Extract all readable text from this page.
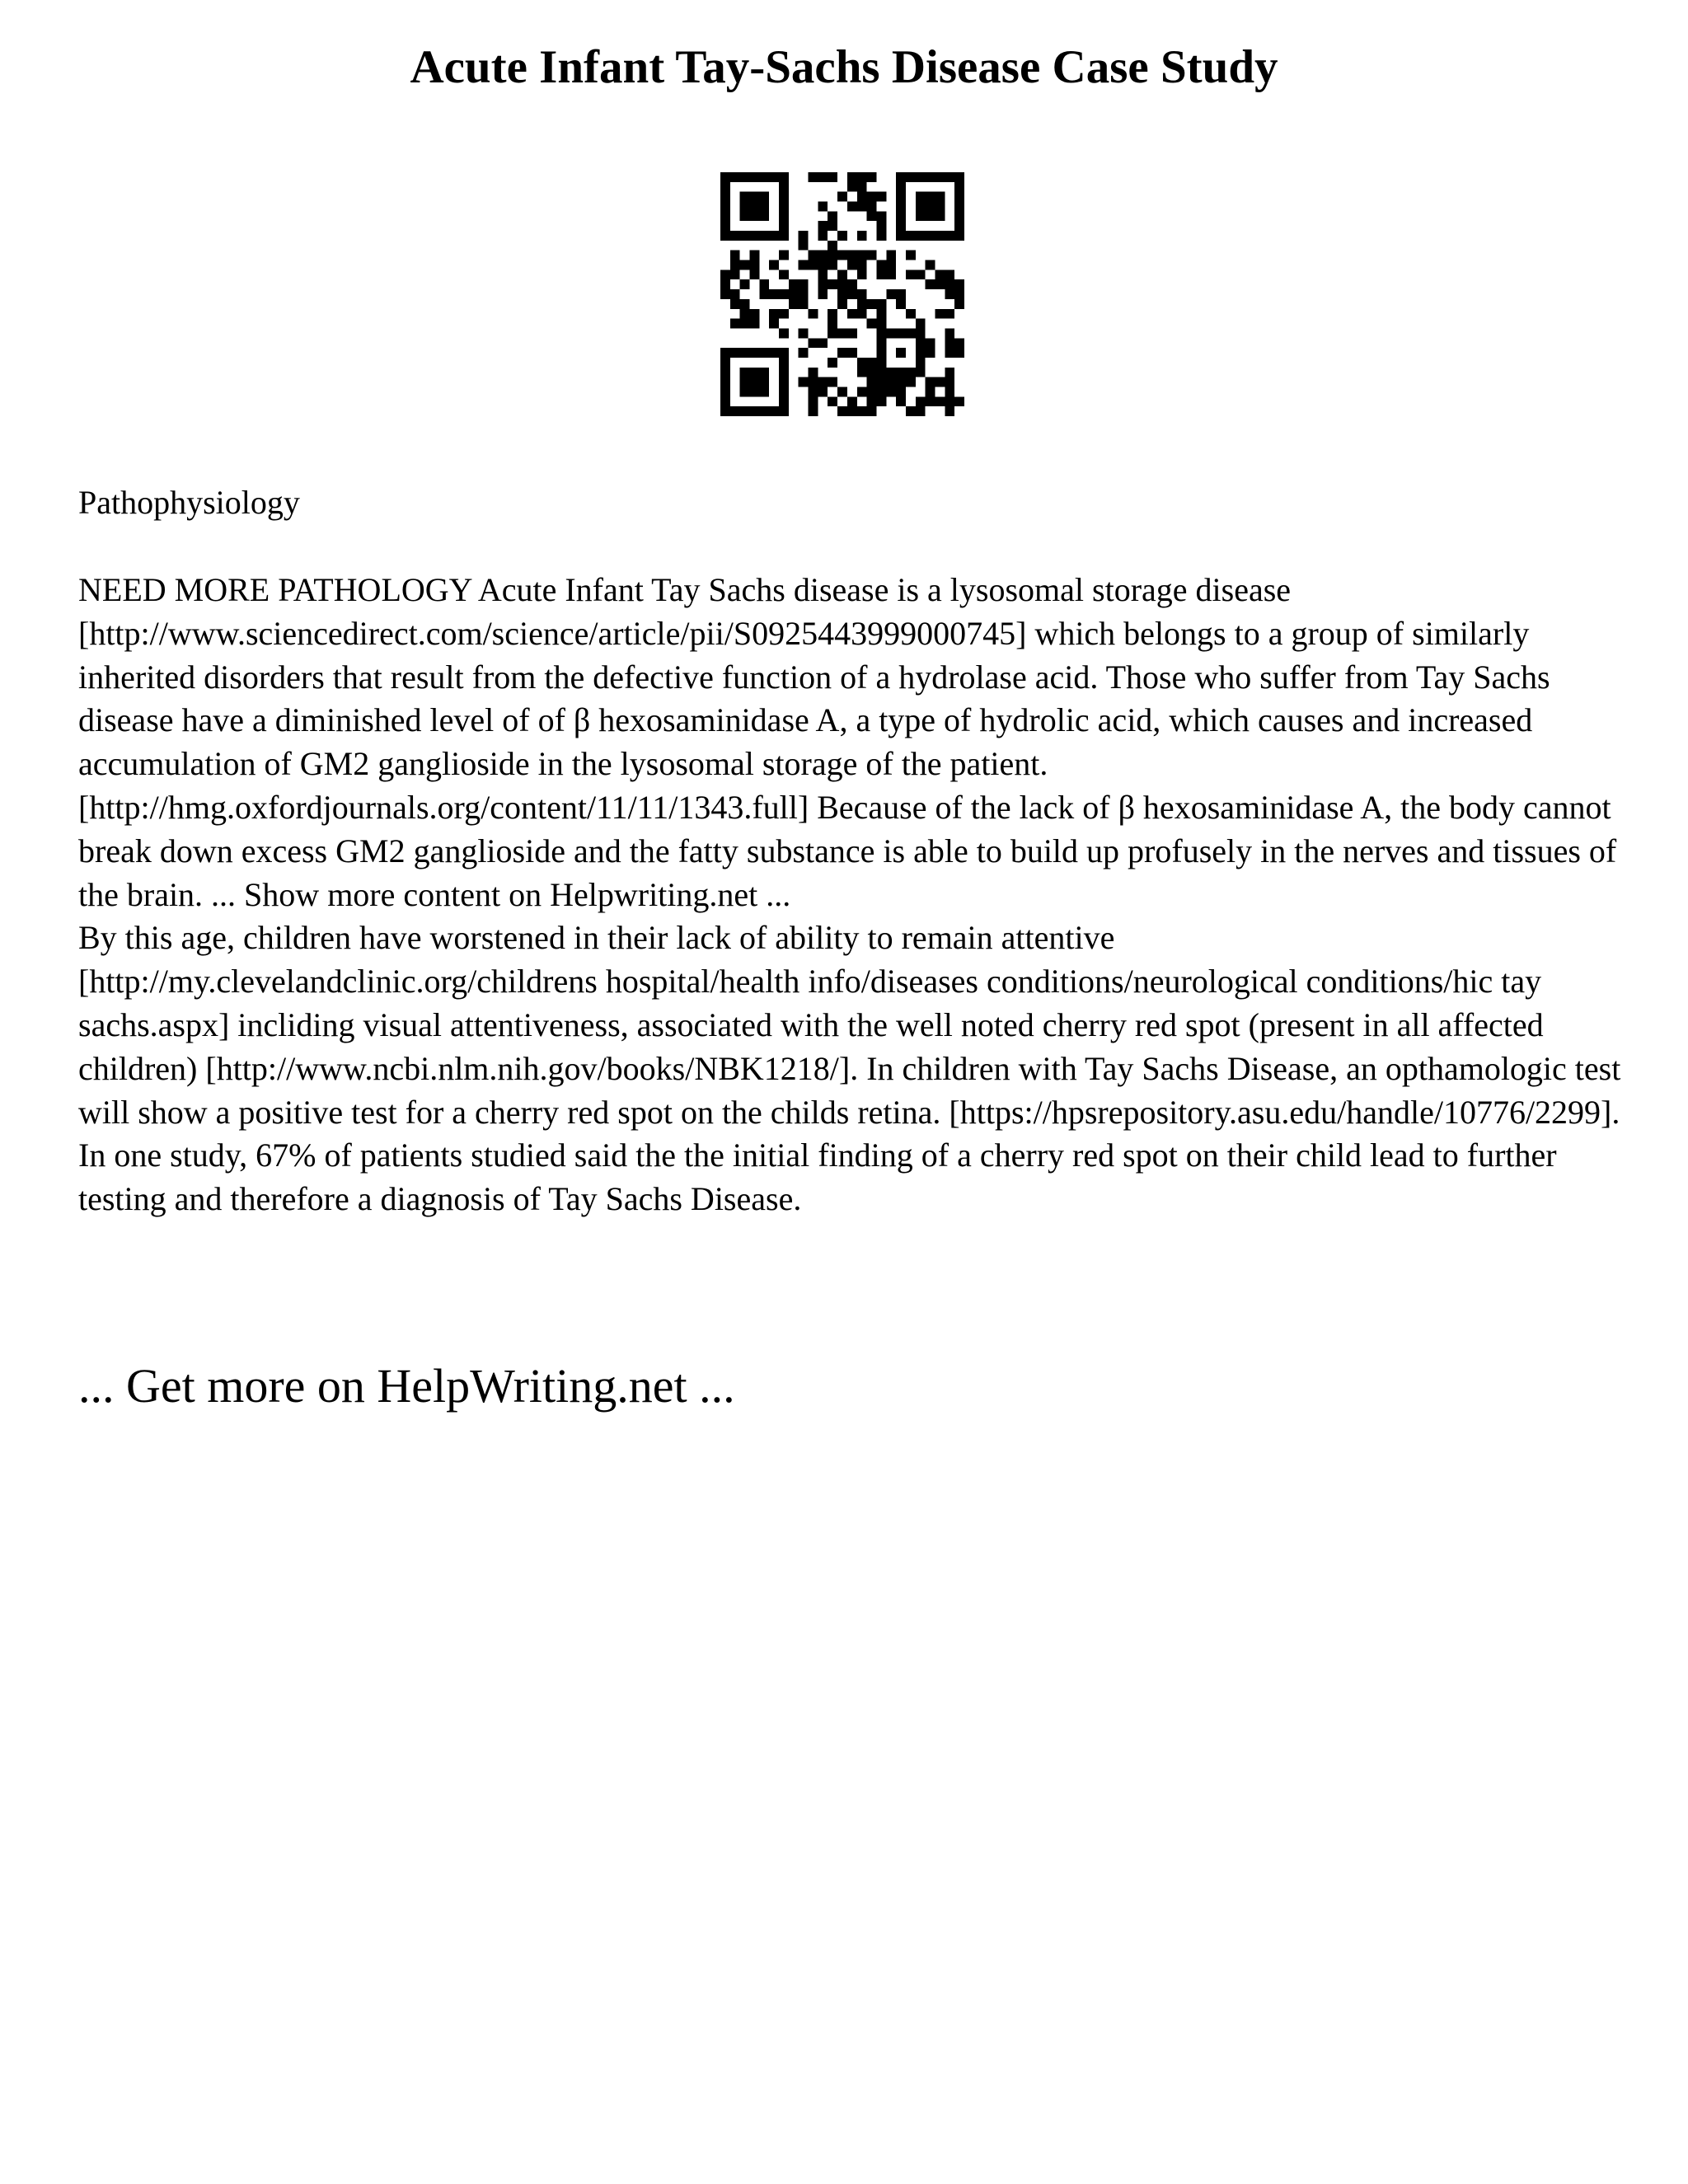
Acute Infant Tay-Sachs Disease Case Study
Pathophysiology

NEED MORE PATHOLOGY Acute Infant Tay Sachs disease is a lysosomal storage disease [http://www.sciencedirect.com/science/article/pii/S0925443999000745] which belongs to a group of similarly inherited disorders that result from the defective function of a hydrolase acid. Those who suffer from Tay Sachs disease have a diminished level of of β hexosaminidase A, a type of hydrolic acid, which causes and increased accumulation of GM2 ganglioside in the lysosomal storage of the patient. [http://hmg.oxfordjournals.org/content/11/11/1343.full] Because of the lack of β hexosaminidase A, the body cannot break down excess GM2 ganglioside and the fatty substance is able to build up profusely in the nerves and tissues of the brain. ... Show more content on Helpwriting.net ...

By this age, children have worstened in their lack of ability to remain attentive [http://my.clevelandclinic.org/childrens hospital/health info/diseases conditions/neurological conditions/hic tay sachs.aspx] incliding visual attentiveness, associated with the well noted cherry red spot (present in all affected children) [http://www.ncbi.nlm.nih.gov/books/NBK1218/]. In children with Tay Sachs Disease, an opthamologic test will show a positive test for a cherry red spot on the childs retina. [https://hpsrepository.asu.edu/handle/10776/2299]. In one study, 67% of patients studied said the the initial finding of a cherry red spot on their child lead to further testing and therefore a diagnosis of Tay Sachs Disease.

... Get more on HelpWriting.net ...
